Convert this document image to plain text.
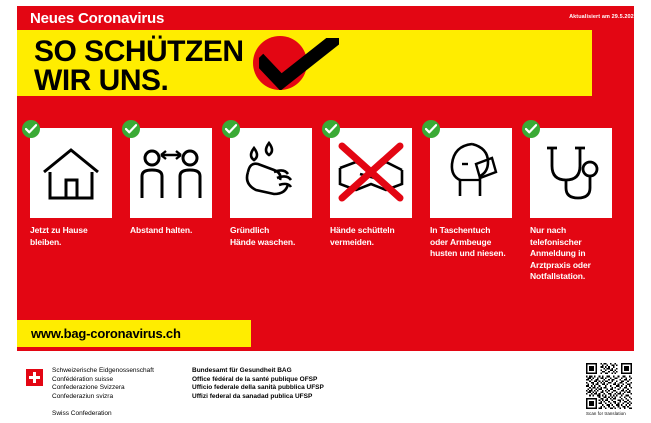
Neues Coronavirus	Aktualisiert am 29.5.2020
SO SCHÜTZEN
WIR UNS.
Jetzt zu Hause
bleiben.
Abstand halten.	Gründlich
Hände waschen.
Hände schütteln
vermeiden.
In Taschentuch
oder Armbeuge
husten und niesen.
Nur nach
telefonischer
Anmeldung in
Arztpraxis oder
Notfallstation.
10.5.2020
www.bag-coronavirus.ch
Schweizerische Eidgenossenschaft
Confédération suisse
Confederazione Svizzera
Confederaziun svizra
Swiss Confederation
Bundesamt für Gesundheit BAG
Office fédéral de la santé publique OFSP
Ufficio federale della sanità pubblica UFSP
Uffizi federal da sanadad publica UFSP
Scan for translation
